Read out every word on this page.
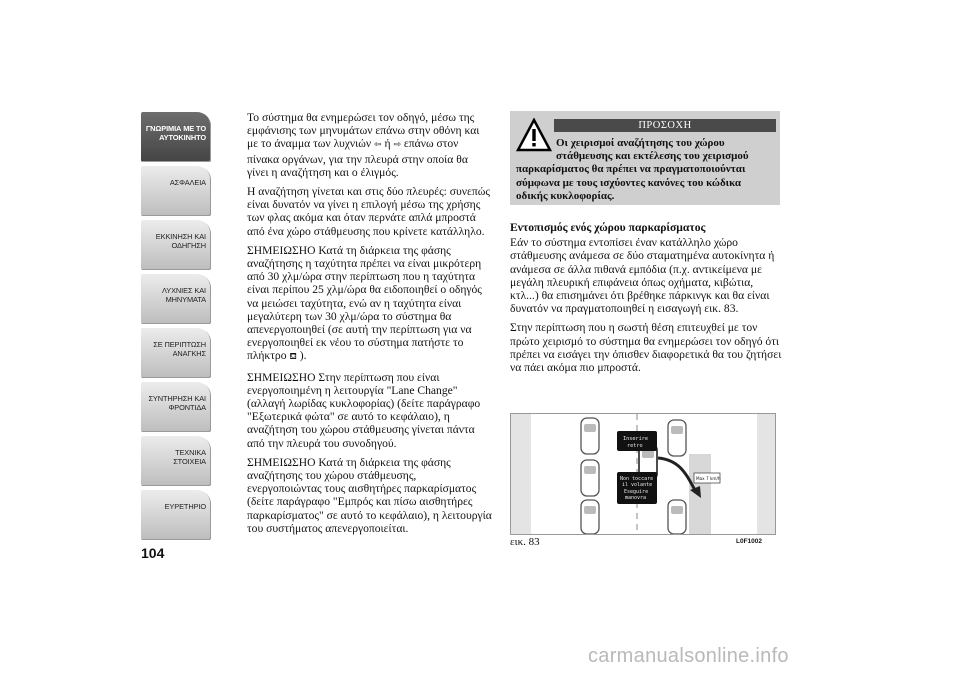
ΓΝΩΡΙΜΙΑ ΜΕ ΤΟ ΑΥΤΟΚΙΝΗΤΟ
ΑΣΦΑΛΕΙΑ
ΕΚΚΙΝΗΣΗ ΚΑΙ ΟΔΗΓΗΣΗ
ΛΥΧΝΙΕΣ ΚΑΙ ΜΗΝΥΜΑΤΑ
ΣΕ ΠΕΡΙΠΤΩΣΗ ΑΝΑΓΚΗΣ
ΣΥΝΤΗΡΗΣΗ ΚΑΙ ΦΡΟΝΤΙΔΑ
ΤΕΧΝΙΚΑ ΣΤΟΙΧΕΙΑ
ΕΥΡΕΤΗΡΙΟ
104

Το σύστημα θα ενημερώσει τον οδηγό, μέσω της εμφάνισης των μηνυμάτων επάνω στην οθόνη και με το άναμμα των λυχνιών ⇦ ή ⇨ επάνω στον πίνακα οργάνων, για την πλευρά στην οποία θα γίνει η αναζήτηση και ο έλιγμός.

Η αναζήτηση γίνεται και στις δύο πλευρές: συνεπώς είναι δυνατόν να γίνει η επιλογή μέσω της χρήσης των φλας ακόμα και όταν περνάτε απλά μπροστά από ένα χώρο στάθμευσης που κρίνετε κατάλληλο.

ΣΗΜΕΙΩΣΗΟ Κατά τη διάρκεια της φάσης αναζήτησης η ταχύτητα πρέπει να είναι μικρότερη από 30 χλμ/ώρα στην περίπτωση που η ταχύτητα είναι περίπου 25 χλμ/ώρα θα ειδοποιηθεί ο οδηγός να μειώσει ταχύτητα, ενώ αν η ταχύτητα είναι μεγαλύτερη των 30 χλμ/ώρα το σύστημα θα απενεργοποιηθεί (σε αυτή την περίπτωση για να ενεργοποιηθεί εκ νέου το σύστημα πατήστε το πλήκτρο ⛾ ).

ΣΗΜΕΙΩΣΗΟ Στην περίπτωση που είναι ενεργοποιημένη η λειτουργία "Lane Change" (αλλαγή λωρίδας κυκλοφορίας) (δείτε παράγραφο "Εξωτερικά φώτα" σε αυτό το κεφάλαιο), η αναζήτηση του χώρου στάθμευσης γίνεται πάντα από την πλευρά του συνοδηγού.

ΣΗΜΕΙΩΣΗΟ Κατά τη διάρκεια της φάσης αναζήτησης του χώρου στάθμευσης, ενεργοποιώντας τους αισθητήρες παρκαρίσματος (δείτε παράγραφο "Εμπρός και πίσω αισθητήρες παρκαρίσματος" σε αυτό το κεφάλαιο), η λειτουργία του συστήματος απενεργοποιείται.

ΠΡΟΣΟΧΗ
Οι χειρισμοί αναζήτησης του χώρου
στάθμευσης και εκτέλεσης του χειρισμού
παρκαρίσματος θα πρέπει να πραγματοποιούνται σύμφωνα με τους ισχύοντες κανόνες του κώδικα οδικής κυκλοφορίας.

Εντοπισμός ενός χώρου παρκαρίσματος

Εάν το σύστημα εντοπίσει έναν κατάλληλο χώρο στάθμευσης ανάμεσα σε δύο σταματημένα αυτοκίνητα ή ανάμεσα σε άλλα πιθανά εμπόδια (π.χ. αντικείμενα με μεγάλη πλευρική επιφάνεια όπως οχήματα, κιβώτια, κτλ...) θα επισημάνει ότι βρέθηκε πάρκινγκ και θα είναι δυνατόν να πραγματοποιηθεί η εισαγωγή εικ. 83.

Στην περίπτωση που η σωστή θέση επιτευχθεί με τον πρώτο χειρισμό το σύστημα θα ενημερώσει τον οδηγό ότι πρέπει να εισάγει την όπισθεν διαφορετικά θα του ζητήσει να πάει ακόμα πιο μπροστά.

Inserire
retro
Non toccare
il volante
Eseguire
manovra
Max 7 km/h
εικ. 83	L0F1002
carmanualsonline.info
